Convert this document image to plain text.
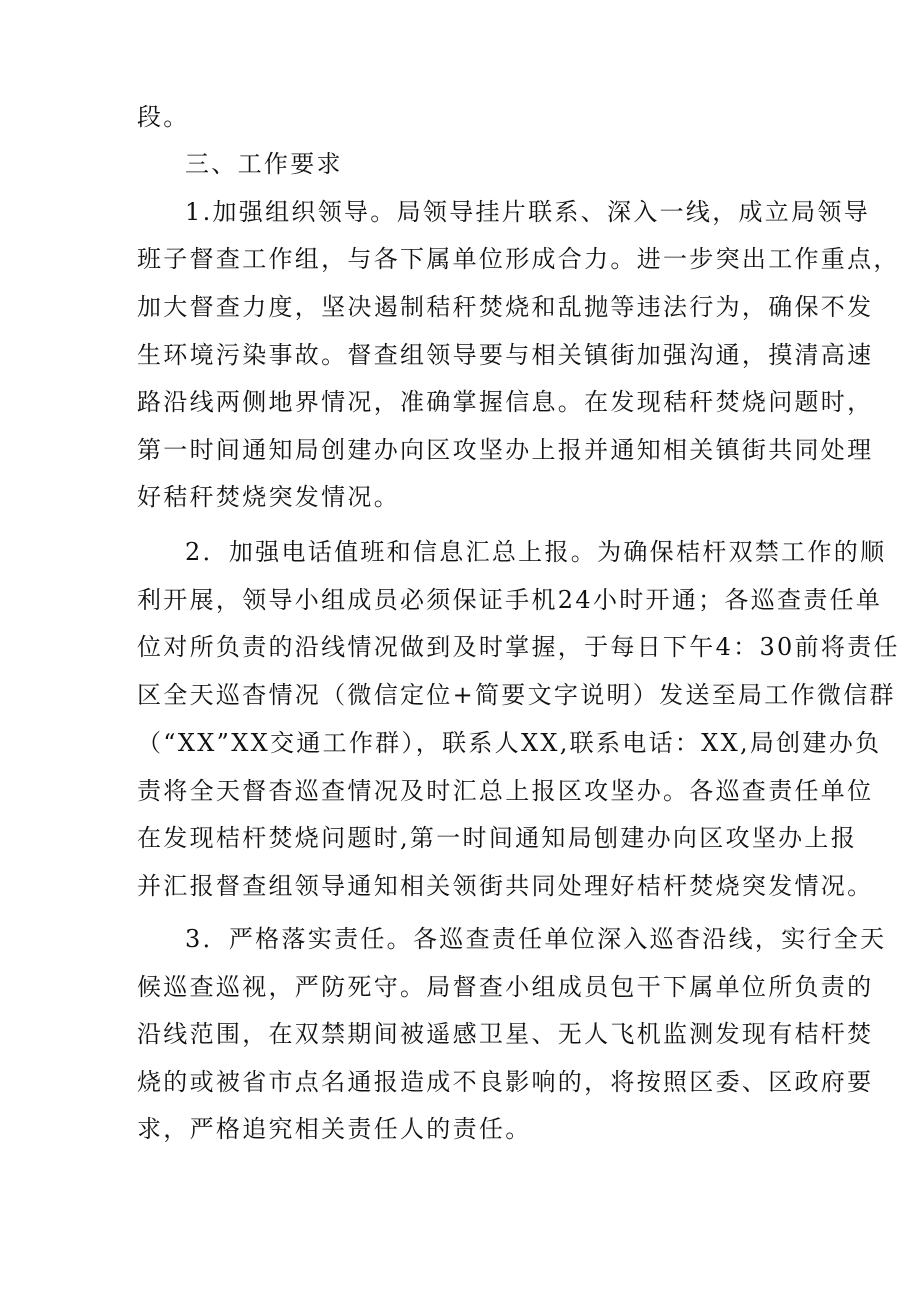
段。
三、工作要求
1.加强组织领导。局领导挂片联系、深入一线，成立局领导
班子督查工作组，与各下属单位形成合力。进一步突出工作重点，
加大督查力度，坚决遏制秸秆焚烧和乱抛等违法行为，确保不发
生环境污染事故。督查组领导要与相关镇街加强沟通，摸清高速
路沿线两侧地界情况，准确掌握信息。在发现秸秆焚烧问题时，
第一时间通知局创建办向区攻坚办上报并通知相关镇街共同处理
好秸秆焚烧突发情况。
2．加强电话值班和信息汇总上报。为确保桔杆双禁工作的顺
利开展，领导小组成员必须保证手机24小时开通；各巡查责任单
位对所负责的沿线情况做到及时掌握，于每日下午4：30前将责任
区全天巡杳情况（微信定位+简要文字说明）发送至局工作微信群
（“XX”XX交通工作群），联系人XX,联系电话：XX,局创建办负
责将全天督杳巡查情况及时汇总上报区攻坚办。各巡查责任单位
在发现桔杆焚烧问题时,第一时间通知局刨建办向区攻坚办上报
并汇报督查组领导通知相关领街共同处理好桔杆焚烧突发情况。
3．严格落实责任。各巡查责任单位深入巡杳沿线，实行全天
候巡查巡视，严防死守。局督查小组成员包干下属单位所负责的
沿线范围，在双禁期间被遥感卫星、无人飞机监测发现有桔杆焚
烧的或被省市点名通报造成不良影响的，将按照区委、区政府要
求，严格追究相关责任人的责任。
